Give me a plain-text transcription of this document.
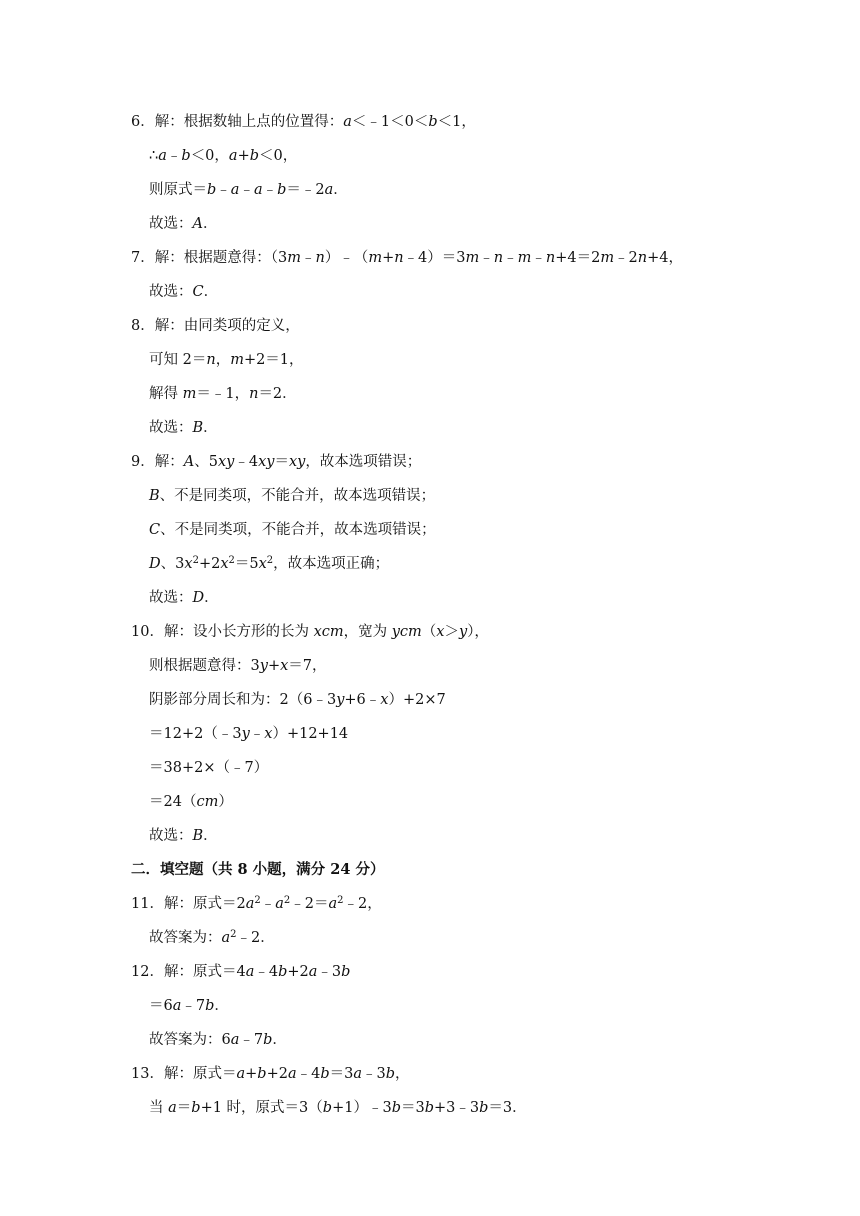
6．解：根据数轴上点的位置得：a＜﹣1＜0＜b＜1，
∴a﹣b＜0，a+b＜0，
则原式＝b﹣a﹣a﹣b＝﹣2a．
故选：A．
7．解：根据题意得：（3m﹣n）﹣（m+n﹣4）＝3m﹣n﹣m﹣n+4＝2m﹣2n+4，
故选：C．
8．解：由同类项的定义，
可知 2＝n，m+2＝1，
解得 m＝﹣1，n＝2．
故选：B．
9．解：A、5xy﹣4xy＝xy，故本选项错误；
B、不是同类项，不能合并，故本选项错误；
C、不是同类项，不能合并，故本选项错误；
D、$3x^2+2x^2=5x^2$，故本选项正确；
故选：D．
10．解：设小长方形的长为 xcm，宽为 ycm（x＞y），
则根据题意得：3y+x＝7，
阴影部分周长和为：2（6﹣3y+6﹣x）+2×7
＝12+2（﹣3y﹣x）+12+14
＝38+2×（﹣7）
＝24（cm）
故选：B．
二．填空题（共 8 小题，满分 24 分）
11．解：原式$=2a^2﹣a^2﹣2=a^2﹣2$，
故答案为：$a^2﹣2$．
12．解：原式＝4a﹣4b+2a﹣3b
＝6a﹣7b．
故答案为：6a﹣7b．
13．解：原式＝a+b+2a﹣4b＝3a﹣3b，
当 a＝b+1 时，原式＝3（b+1）﹣3b＝3b+3﹣3b＝3．
